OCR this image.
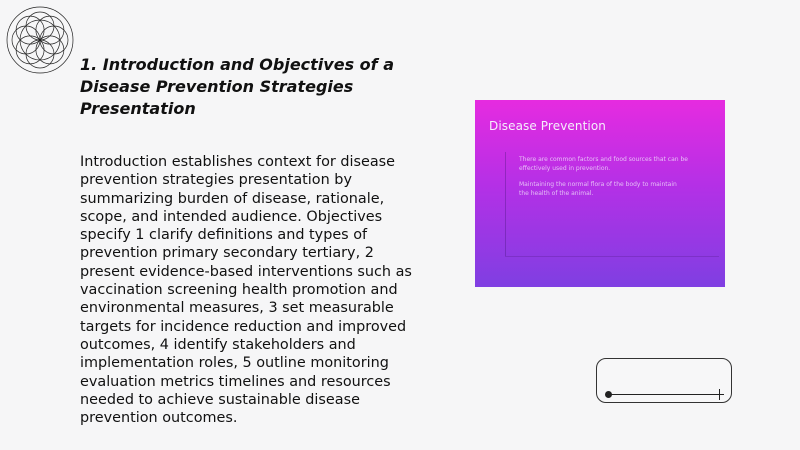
1. Introduction and Objectives of a Disease Prevention Strategies Presentation
Introduction establishes context for disease prevention strategies presentation by summarizing burden of disease, rationale, scope, and intended audience. Objectives specify 1 clarify definitions and types of prevention primary secondary tertiary, 2 present evidence-based interventions such as vaccination screening health promotion and environmental measures, 3 set measurable targets for incidence reduction and improved outcomes, 4 identify stakeholders and implementation roles, 5 outline monitoring evaluation metrics timelines and resources needed to achieve sustainable disease prevention outcomes.
Disease Prevention
There are common factors and food sources that can be
effectively used in prevention.
Maintaining the normal flora of the body to maintain
the health of the animal.
